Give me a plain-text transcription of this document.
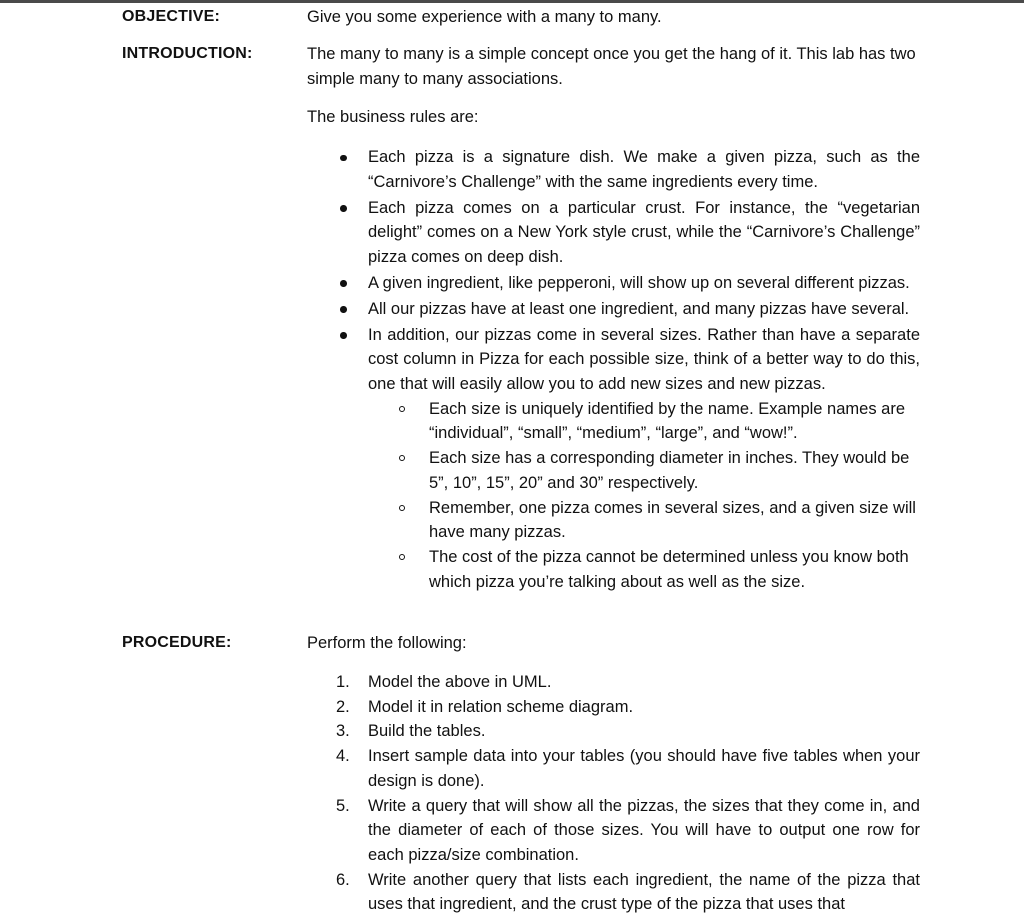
OBJECTIVE:	Give you some experience with a many to many.

INTRODUCTION:	The many to many is a simple concept once you get the hang of it. This lab has two simple many to many associations.

The business rules are:

Each pizza is a signature dish. We make a given pizza, such as the “Carnivore’s Challenge” with the same ingredients every time.
Each pizza comes on a particular crust. For instance, the “vegetarian delight” comes on a New York style crust, while the “Carnivore’s Challenge” pizza comes on deep dish.
A given ingredient, like pepperoni, will show up on several different pizzas.
All our pizzas have at least one ingredient, and many pizzas have several.
In addition, our pizzas come in several sizes. Rather than have a separate cost column in Pizza for each possible size, think of a better way to do this, one that will easily allow you to add new sizes and new pizzas.
Each size is uniquely identified by the name. Example names are “individual”, “small”, “medium”, “large”, and “wow!”.
Each size has a corresponding diameter in inches. They would be 5”, 10”, 15”, 20” and 30” respectively.
Remember, one pizza comes in several sizes, and a given size will have many pizzas.
The cost of the pizza cannot be determined unless you know both which pizza you’re talking about as well as the size.
PROCEDURE:	Perform the following:

1. Model the above in UML.
2. Model it in relation scheme diagram.
3. Build the tables.
4. Insert sample data into your tables (you should have five tables when your design is done).
5. Write a query that will show all the pizzas, the sizes that they come in, and the diameter of each of those sizes. You will have to output one row for each pizza/size combination.
6. Write another query that lists each ingredient, the name of the pizza that uses that ingredient, and the crust type of the pizza that uses that
